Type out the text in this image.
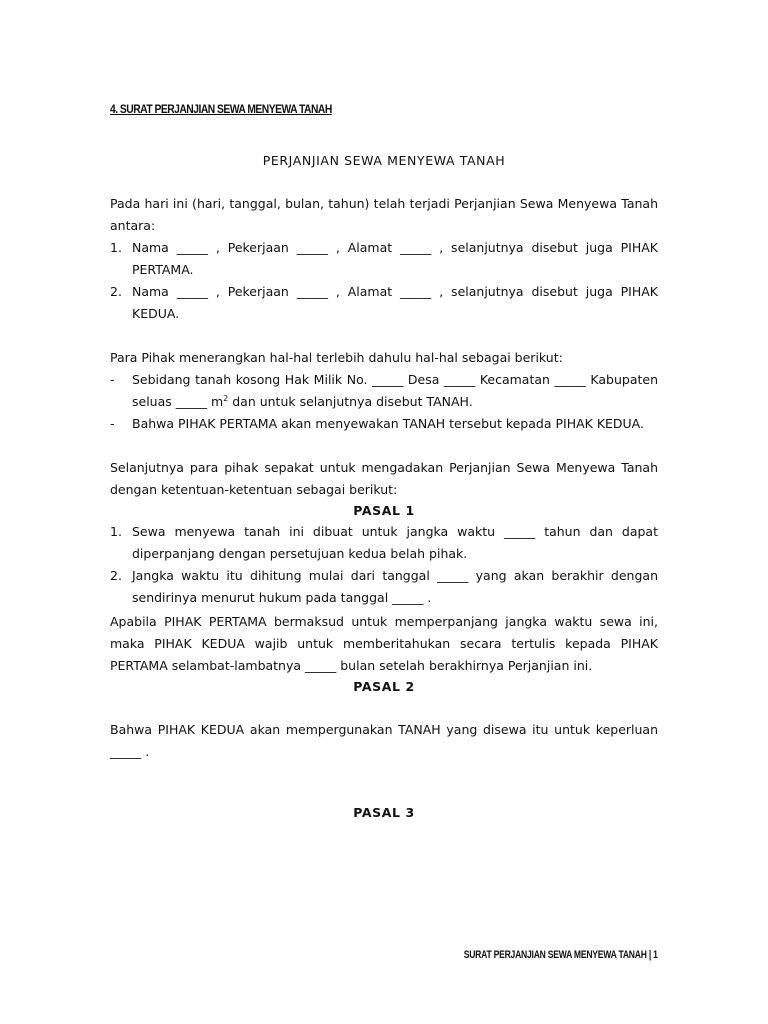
4. SURAT PERJANJIAN SEWA MENYEWA TANAH

PERJANJIAN SEWA MENYEWA TANAH

Pada hari ini (hari, tanggal, bulan, tahun) telah terjadi Perjanjian Sewa Menyewa Tanah antara:

1. Nama _____ , Pekerjaan _____ , Alamat _____ , selanjutnya disebut juga PIHAK PERTAMA.
2. Nama _____ , Pekerjaan _____ , Alamat _____ , selanjutnya disebut juga PIHAK KEDUA.

Para Pihak menerangkan hal-hal terlebih dahulu hal-hal sebagai berikut:

- Sebidang tanah kosong Hak Milik No. _____ Desa _____ Kecamatan _____ Kabupaten seluas _____ $m^2$ dan untuk selanjutnya disebut TANAH.
- Bahwa PIHAK PERTAMA akan menyewakan TANAH tersebut kepada PIHAK KEDUA.

Selanjutnya para pihak sepakat untuk mengadakan Perjanjian Sewa Menyewa Tanah dengan ketentuan-ketentuan sebagai berikut:

PASAL 1

1. Sewa menyewa tanah ini dibuat untuk jangka waktu _____ tahun dan dapat diperpanjang dengan persetujuan kedua belah pihak.
2. Jangka waktu itu dihitung mulai dari tanggal _____ yang akan berakhir dengan sendirinya menurut hukum pada tanggal _____ .

Apabila PIHAK PERTAMA bermaksud untuk memperpanjang jangka waktu sewa ini, maka PIHAK KEDUA wajib untuk memberitahukan secara tertulis kepada PIHAK PERTAMA selambat-lambatnya _____ bulan setelah berakhirnya Perjanjian ini.

PASAL 2

Bahwa PIHAK KEDUA akan mempergunakan TANAH yang disewa itu untuk keperluan _____ .

PASAL 3

SURAT PERJANJIAN SEWA MENYEWA TANAH | 1
